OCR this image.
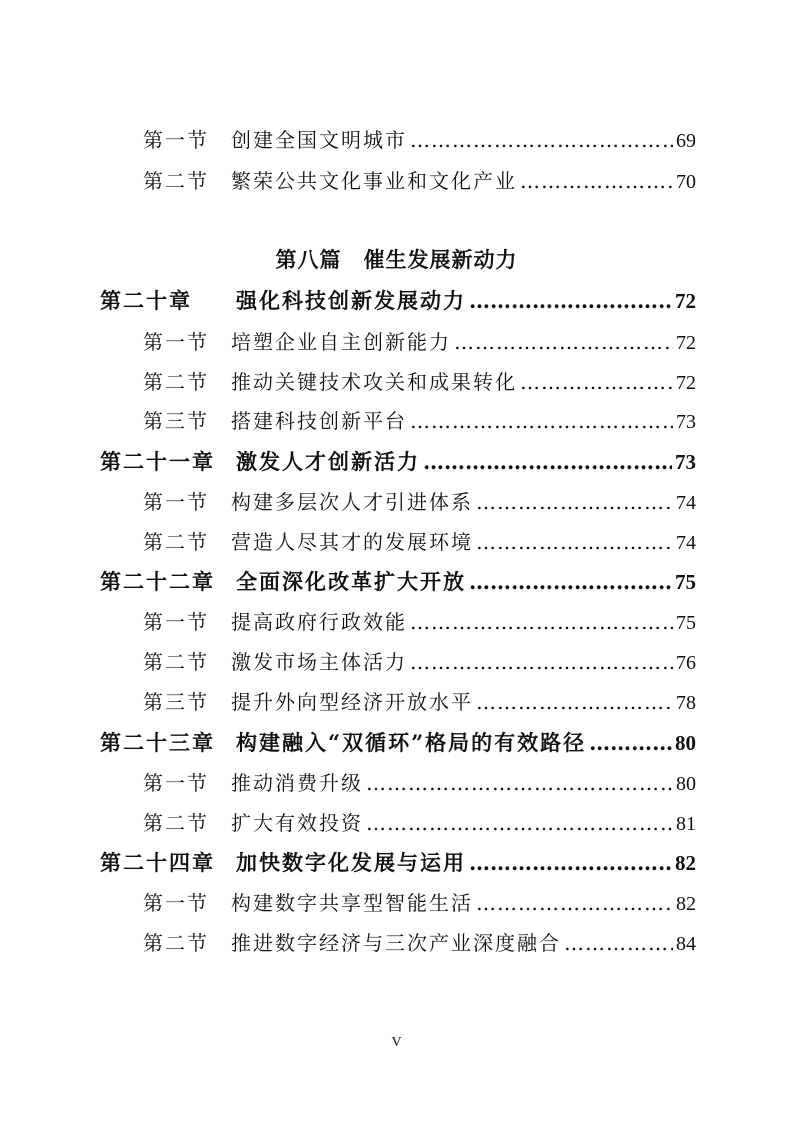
第一节	创建全国文明城市 ………………………………………………………………………………………………………………………………	69
第二节	繁荣公共文化事业和文化产业 ………………………………………………………………………………………………………………………………	70
第八篇　催生发展新动力
第二十章	强化科技创新发展动力 ………………………………………………………………………………………………………………………………	72
第一节	培塑企业自主创新能力 ………………………………………………………………………………………………………………………………	72
第二节	推动关键技术攻关和成果转化 ………………………………………………………………………………………………………………………………	72
第三节	搭建科技创新平台 ………………………………………………………………………………………………………………………………	73
第二十一章	激发人才创新活力 ………………………………………………………………………………………………………………………………	73
第一节	构建多层次人才引进体系 ………………………………………………………………………………………………………………………………	74
第二节	营造人尽其才的发展环境 ………………………………………………………………………………………………………………………………	74
第二十二章	全面深化改革扩大开放 ………………………………………………………………………………………………………………………………	75
第一节	提高政府行政效能 ………………………………………………………………………………………………………………………………	75
第二节	激发市场主体活力 ………………………………………………………………………………………………………………………………	76
第三节	提升外向型经济开放水平 ………………………………………………………………………………………………………………………………	78
第二十三章	构建融入“双循环”格局的有效路径 ………………………………………………………………………………………………………………………………	80
第一节	推动消费升级 ………………………………………………………………………………………………………………………………	80
第二节	扩大有效投资 ………………………………………………………………………………………………………………………………	81
第二十四章	加快数字化发展与运用 ………………………………………………………………………………………………………………………………	82
第一节	构建数字共享型智能生活 ………………………………………………………………………………………………………………………………	82
第二节	推进数字经济与三次产业深度融合 ………………………………………………………………………………………………………………………………	84
V
